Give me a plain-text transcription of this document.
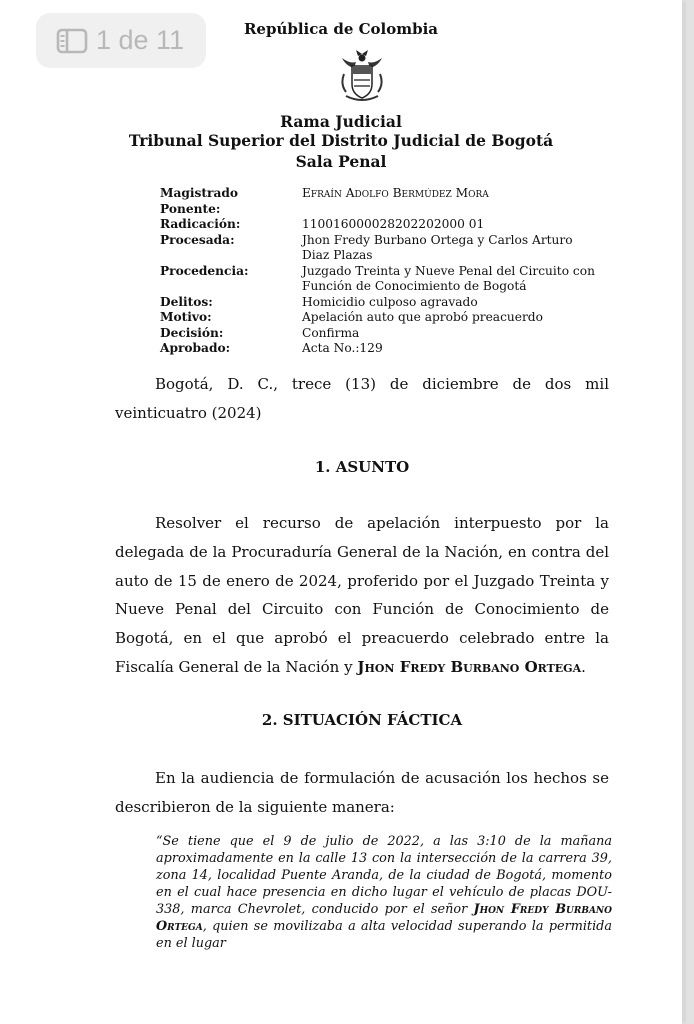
República de Colombia
Rama Judicial
Tribunal Superior del Distrito Judicial de Bogotá
Sala Penal
Magistrado Ponente:
Efraín Adolfo Bermúdez Mora
Radicación:	110016000028202202000 01
Procesada:	Jhon Fredy Burbano Ortega y Carlos Arturo Diaz Plazas
Procedencia:	Juzgado Treinta y Nueve Penal del Circuito con Función de Conocimiento de Bogotá
Delitos:	Homicidio culposo agravado
Motivo:	Apelación auto que aprobó preacuerdo
Decisión:	Confirma
Aprobado:	Acta No.:129

Bogotá, D. C., trece (13) de diciembre de dos mil veinticuatro (2024)

1. ASUNTO

Resolver el recurso de apelación interpuesto por la delegada de la Procuraduría General de la Nación, en contra del auto de 15 de enero de 2024, proferido por el Juzgado Treinta y Nueve Penal del Circuito con Función de Conocimiento de Bogotá, en el que aprobó el preacuerdo celebrado entre la Fiscalía General de la Nación y Jhon Fredy Burbano Ortega.

2. SITUACIÓN FÁCTICA

En la audiencia de formulación de acusación los hechos se describieron de la siguiente manera:

“Se tiene que el 9 de julio de 2022, a las 3:10 de la mañana aproximadamente en la calle 13 con la intersección de la carrera 39, zona 14, localidad Puente Aranda, de la ciudad de Bogotá, momento en el cual hace presencia en dicho lugar el vehículo de placas DOU-338, marca Chevrolet, conducido por el señor Jhon Fredy Burbano Ortega, quien se movilizaba a alta velocidad superando la permitida en el lugar
1 de 11
